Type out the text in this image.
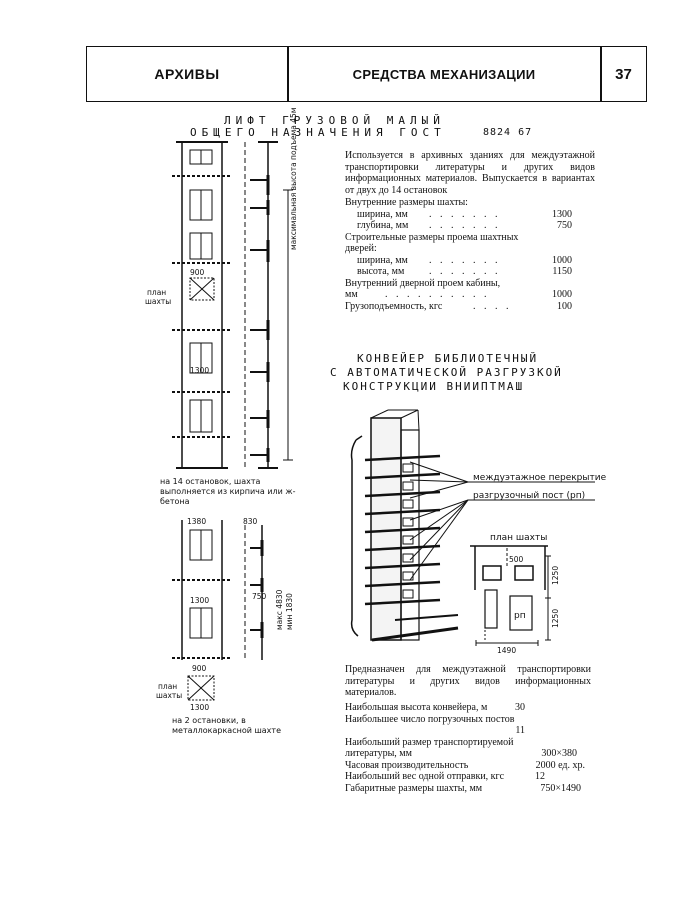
АРХИВЫ	СРЕДСТВА МЕХАНИЗАЦИИ	37
ЛИФТ ГРУЗОВОЙ МАЛЫЙ
ОБЩЕГО НАЗНАЧЕНИЯ ГОСТ	8824 67
900
план
шахты
1300
максимальная высота подъема 45м
1380	830
1300	750 макс 4830 мин 1830
900
план
шахты
1300
на 14 остановок, шахта выполняется из кирпича или ж-бетона
на 2 остановки, в металлокаркасной шахте
Используется в архивных зданиях для междуэтажной транспортировки литературы и других видов информационных материалов. Выпускается в вариантах от двух до 14 остановок
Внутренние размеры шахты:
ширина, мм . . . . . . .	1300
глубина, мм . . . . . . .	750
Строительные размеры проема шахтных дверей:
ширина, мм . . . . . . .	1000
высота, мм . . . . . . .	1150
Внутренний дверной проем кабины,
мм	. . . . . . . . . .	1000
Грузоподъемность, кгс	. . . .	100
КОНВЕЙЕР БИБЛИОТЕЧНЫЙ
С АВТОМАТИЧЕСКОЙ РАЗГРУЗКОЙ
КОНСТРУКЦИИ ВНИИПТМАШ
междуэтажное перекрытие
разгрузочный пост (рп)
план шахты
500
1250
1250
рп
1490
Предназначен для междуэтажной транспортировки литературы и других видов информационных материалов.
Наибольшая высота конвейера, м	30
Наибольшее число погрузочных постов
11
Наибольший размер транспортируемой литературы, мм	300×380
Часовая производительность	2000 ед. хр.
Наибольший вес одной отправки, кгс	12
Габаритные размеры шахты, мм	750×1490
